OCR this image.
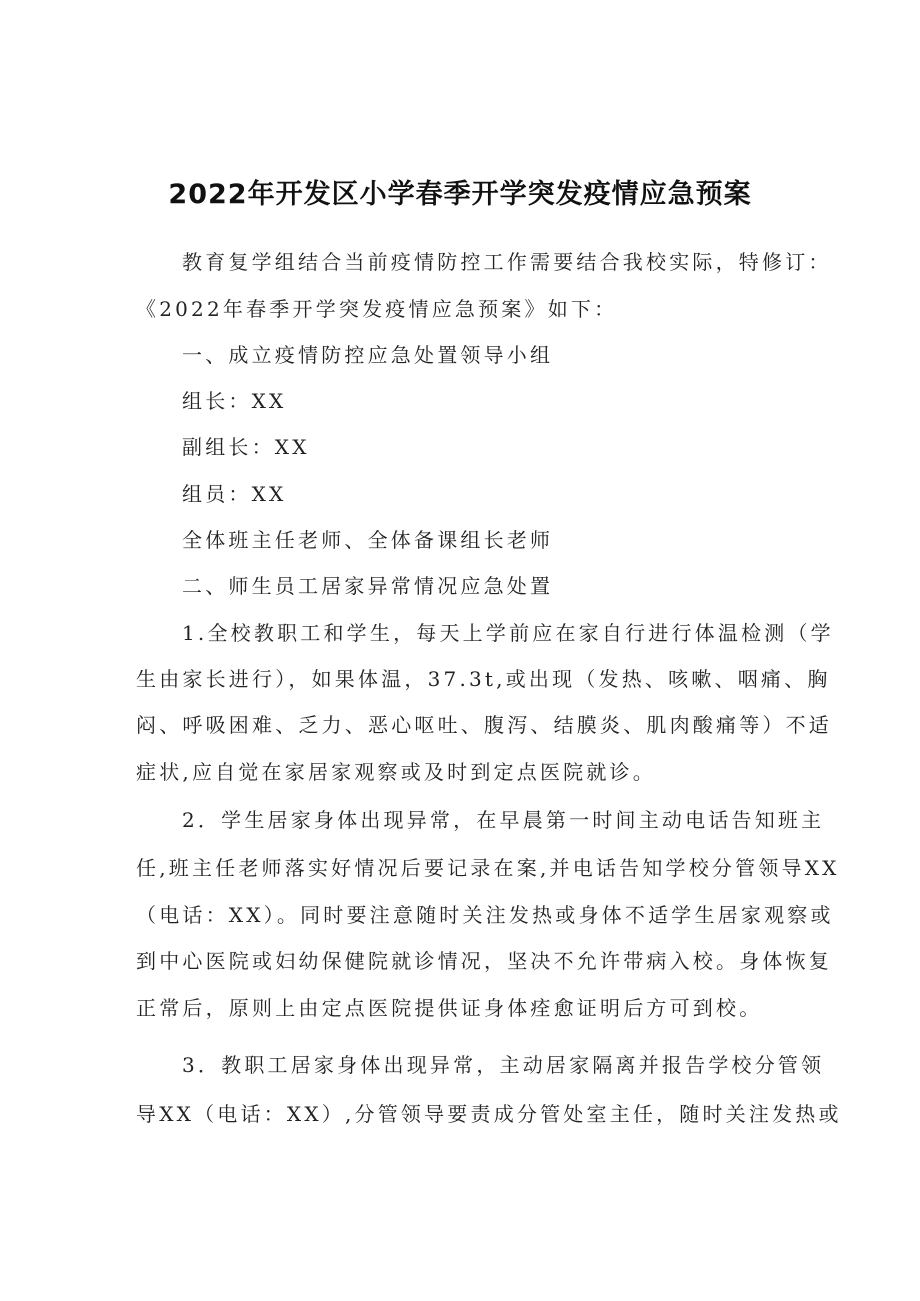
2022年开发区小学春季开学突发疫情应急预案
教育复学组结合当前疫情防控工作需要结合我校实际，特修订：
《2022年春季开学突发疫情应急预案》如下：
一、成立疫情防控应急处置领导小组
组长：XX
副组长：XX
组员：XX
全体班主任老师、全体备课组长老师
二、师生员工居家异常情况应急处置
1.全校教职工和学生，每天上学前应在家自行进行体温检测（学
生由家长进行），如果体温，37.3t,或出现（发热、咳嗽、咽痛、胸
闷、呼吸困难、乏力、恶心呕吐、腹泻、结膜炎、肌肉酸痛等）不适
症状,应自觉在家居家观察或及时到定点医院就诊。
2．学生居家身体出现异常，在早晨第一时间主动电话告知班主
任,班主任老师落实好情况后要记录在案,并电话告知学校分管领导XX
（电话：XX）。同时要注意随时关注发热或身体不适学生居家观察或
到中心医院或妇幼保健院就诊情况，坚决不允许带病入校。身体恢复
正常后，原则上由定点医院提供证身体痊愈证明后方可到校。
3．教职工居家身体出现异常，主动居家隔离并报告学校分管领
导XX（电话：XX）,分管领导要责成分管处室主任，随时关注发热或
